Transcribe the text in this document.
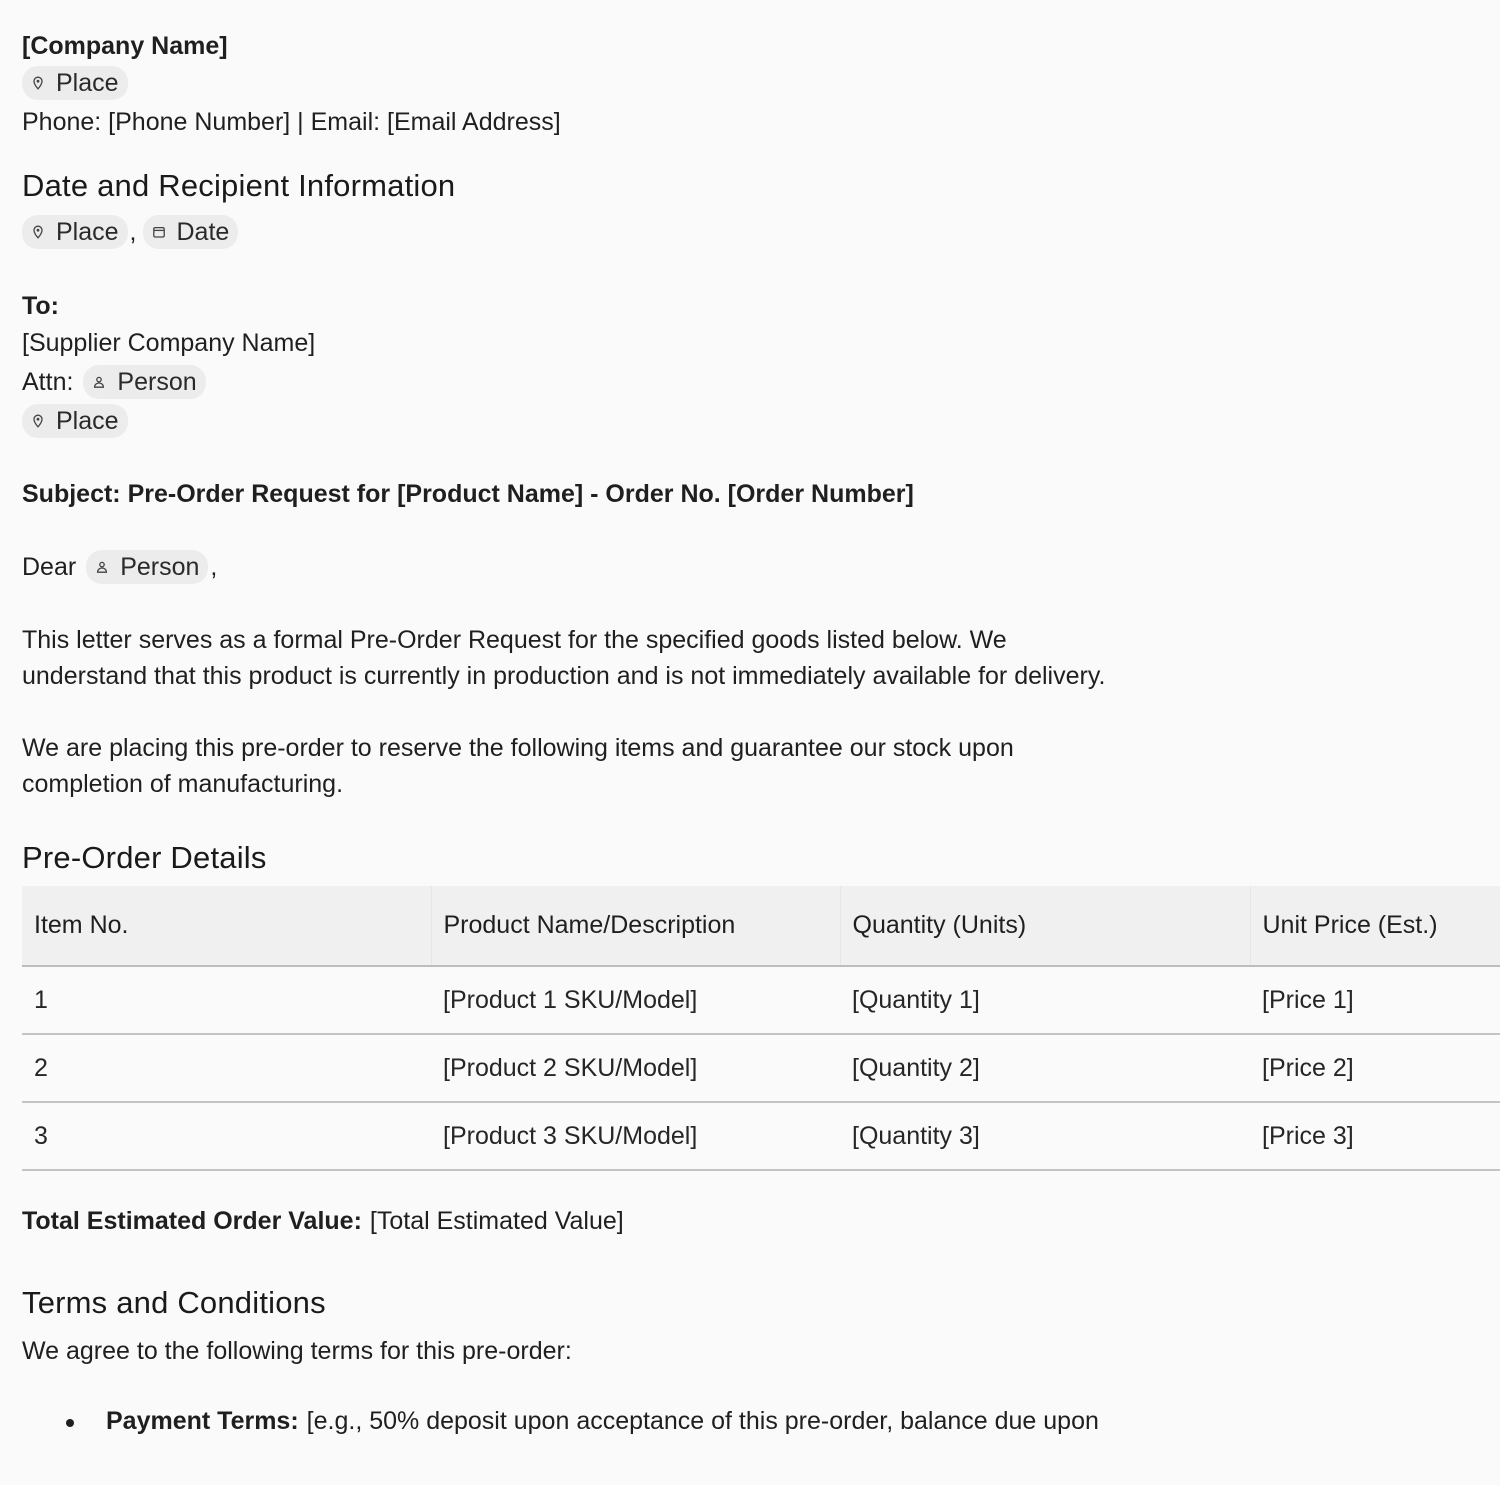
[Company Name]
Place
Phone: [Phone Number] | Email: [Email Address]
Date and Recipient Information
Place , Date
To:
[Supplier Company Name]
Attn: Person
Place
Subject: Pre-Order Request for [Product Name] - Order No. [Order Number]
Dear Person ,
This letter serves as a formal Pre-Order Request for the specified goods listed below. We
understand that this product is currently in production and is not immediately available for delivery.
We are placing this pre-order to reserve the following items and guarantee our stock upon
completion of manufacturing.
Pre-Order Details
Item No.	Product Name/Description	Quantity (Units)	Unit Price (Est.)
1	[Product 1 SKU/Model]	[Quantity 1]	[Price 1]
2	[Product 2 SKU/Model]	[Quantity 2]	[Price 2]
3	[Product 3 SKU/Model]	[Quantity 3]	[Price 3]
Total Estimated Order Value: [Total Estimated Value]
Terms and Conditions
We agree to the following terms for this pre-order:
Payment Terms: [e.g., 50% deposit upon acceptance of this pre-order, balance due upon
